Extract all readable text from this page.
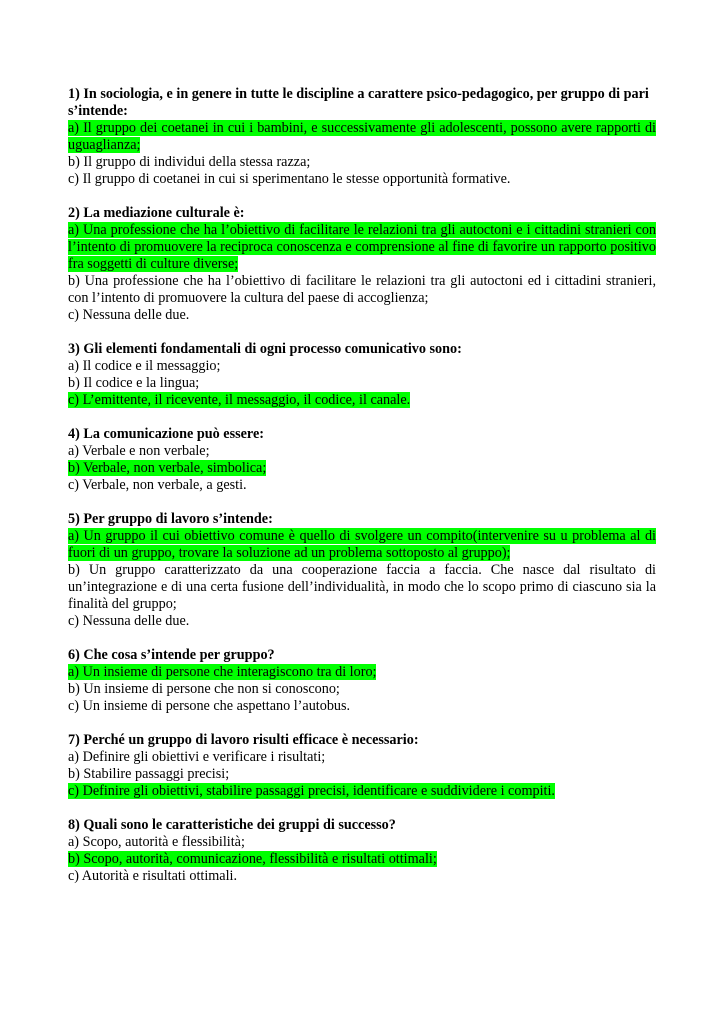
1) In sociologia, e in genere in tutte le discipline a carattere psico-pedagogico, per gruppo di pari s’intende:
a) Il gruppo dei coetanei in cui i bambini, e successivamente gli adolescenti, possono avere rapporti di uguaglianza;
b) Il gruppo di individui della stessa razza;
c) Il gruppo di coetanei in cui si sperimentano le stesse opportunità formative.
2) La mediazione culturale è:
a) Una professione che ha l’obiettivo di facilitare le relazioni tra gli autoctoni e i cittadini stranieri con l’intento di promuovere la reciproca conoscenza e comprensione al fine di favorire un rapporto positivo fra soggetti di culture diverse;
b) Una professione che ha l’obiettivo di facilitare le relazioni tra gli autoctoni ed i cittadini stranieri, con l’intento di promuovere la cultura del paese di accoglienza;
c) Nessuna delle due.
3) Gli elementi fondamentali di ogni processo comunicativo sono:
a) Il codice e il messaggio;
b) Il codice e la lingua;
c) L’emittente, il ricevente, il messaggio, il codice, il canale.
4) La comunicazione può essere:
a) Verbale e non verbale;
b) Verbale, non verbale, simbolica;
c) Verbale, non verbale, a gesti.
5) Per gruppo di lavoro s’intende:
a) Un gruppo il cui obiettivo comune è quello di svolgere un compito(intervenire su u problema al di fuori di un gruppo, trovare la soluzione ad un problema sottoposto al gruppo);
b) Un gruppo caratterizzato da una cooperazione faccia a faccia. Che nasce dal risultato di un’integrazione e di una certa fusione dell’individualità, in modo che lo scopo primo di ciascuno sia la finalità del gruppo;
c) Nessuna delle due.
6) Che cosa s’intende per gruppo?
a) Un insieme di persone che interagiscono tra di loro;
b) Un insieme di persone che non si conoscono;
c) Un insieme di persone che aspettano l’autobus.
7) Perché un gruppo di lavoro risulti efficace è necessario:
a) Definire gli obiettivi e verificare i risultati;
b) Stabilire passaggi precisi;
c) Definire gli obiettivi, stabilire passaggi precisi, identificare e suddividere i compiti.
8) Quali sono le caratteristiche dei gruppi di successo?
a) Scopo, autorità e flessibilità;
b) Scopo, autorità, comunicazione, flessibilità e risultati ottimali;
c) Autorità e risultati ottimali.
